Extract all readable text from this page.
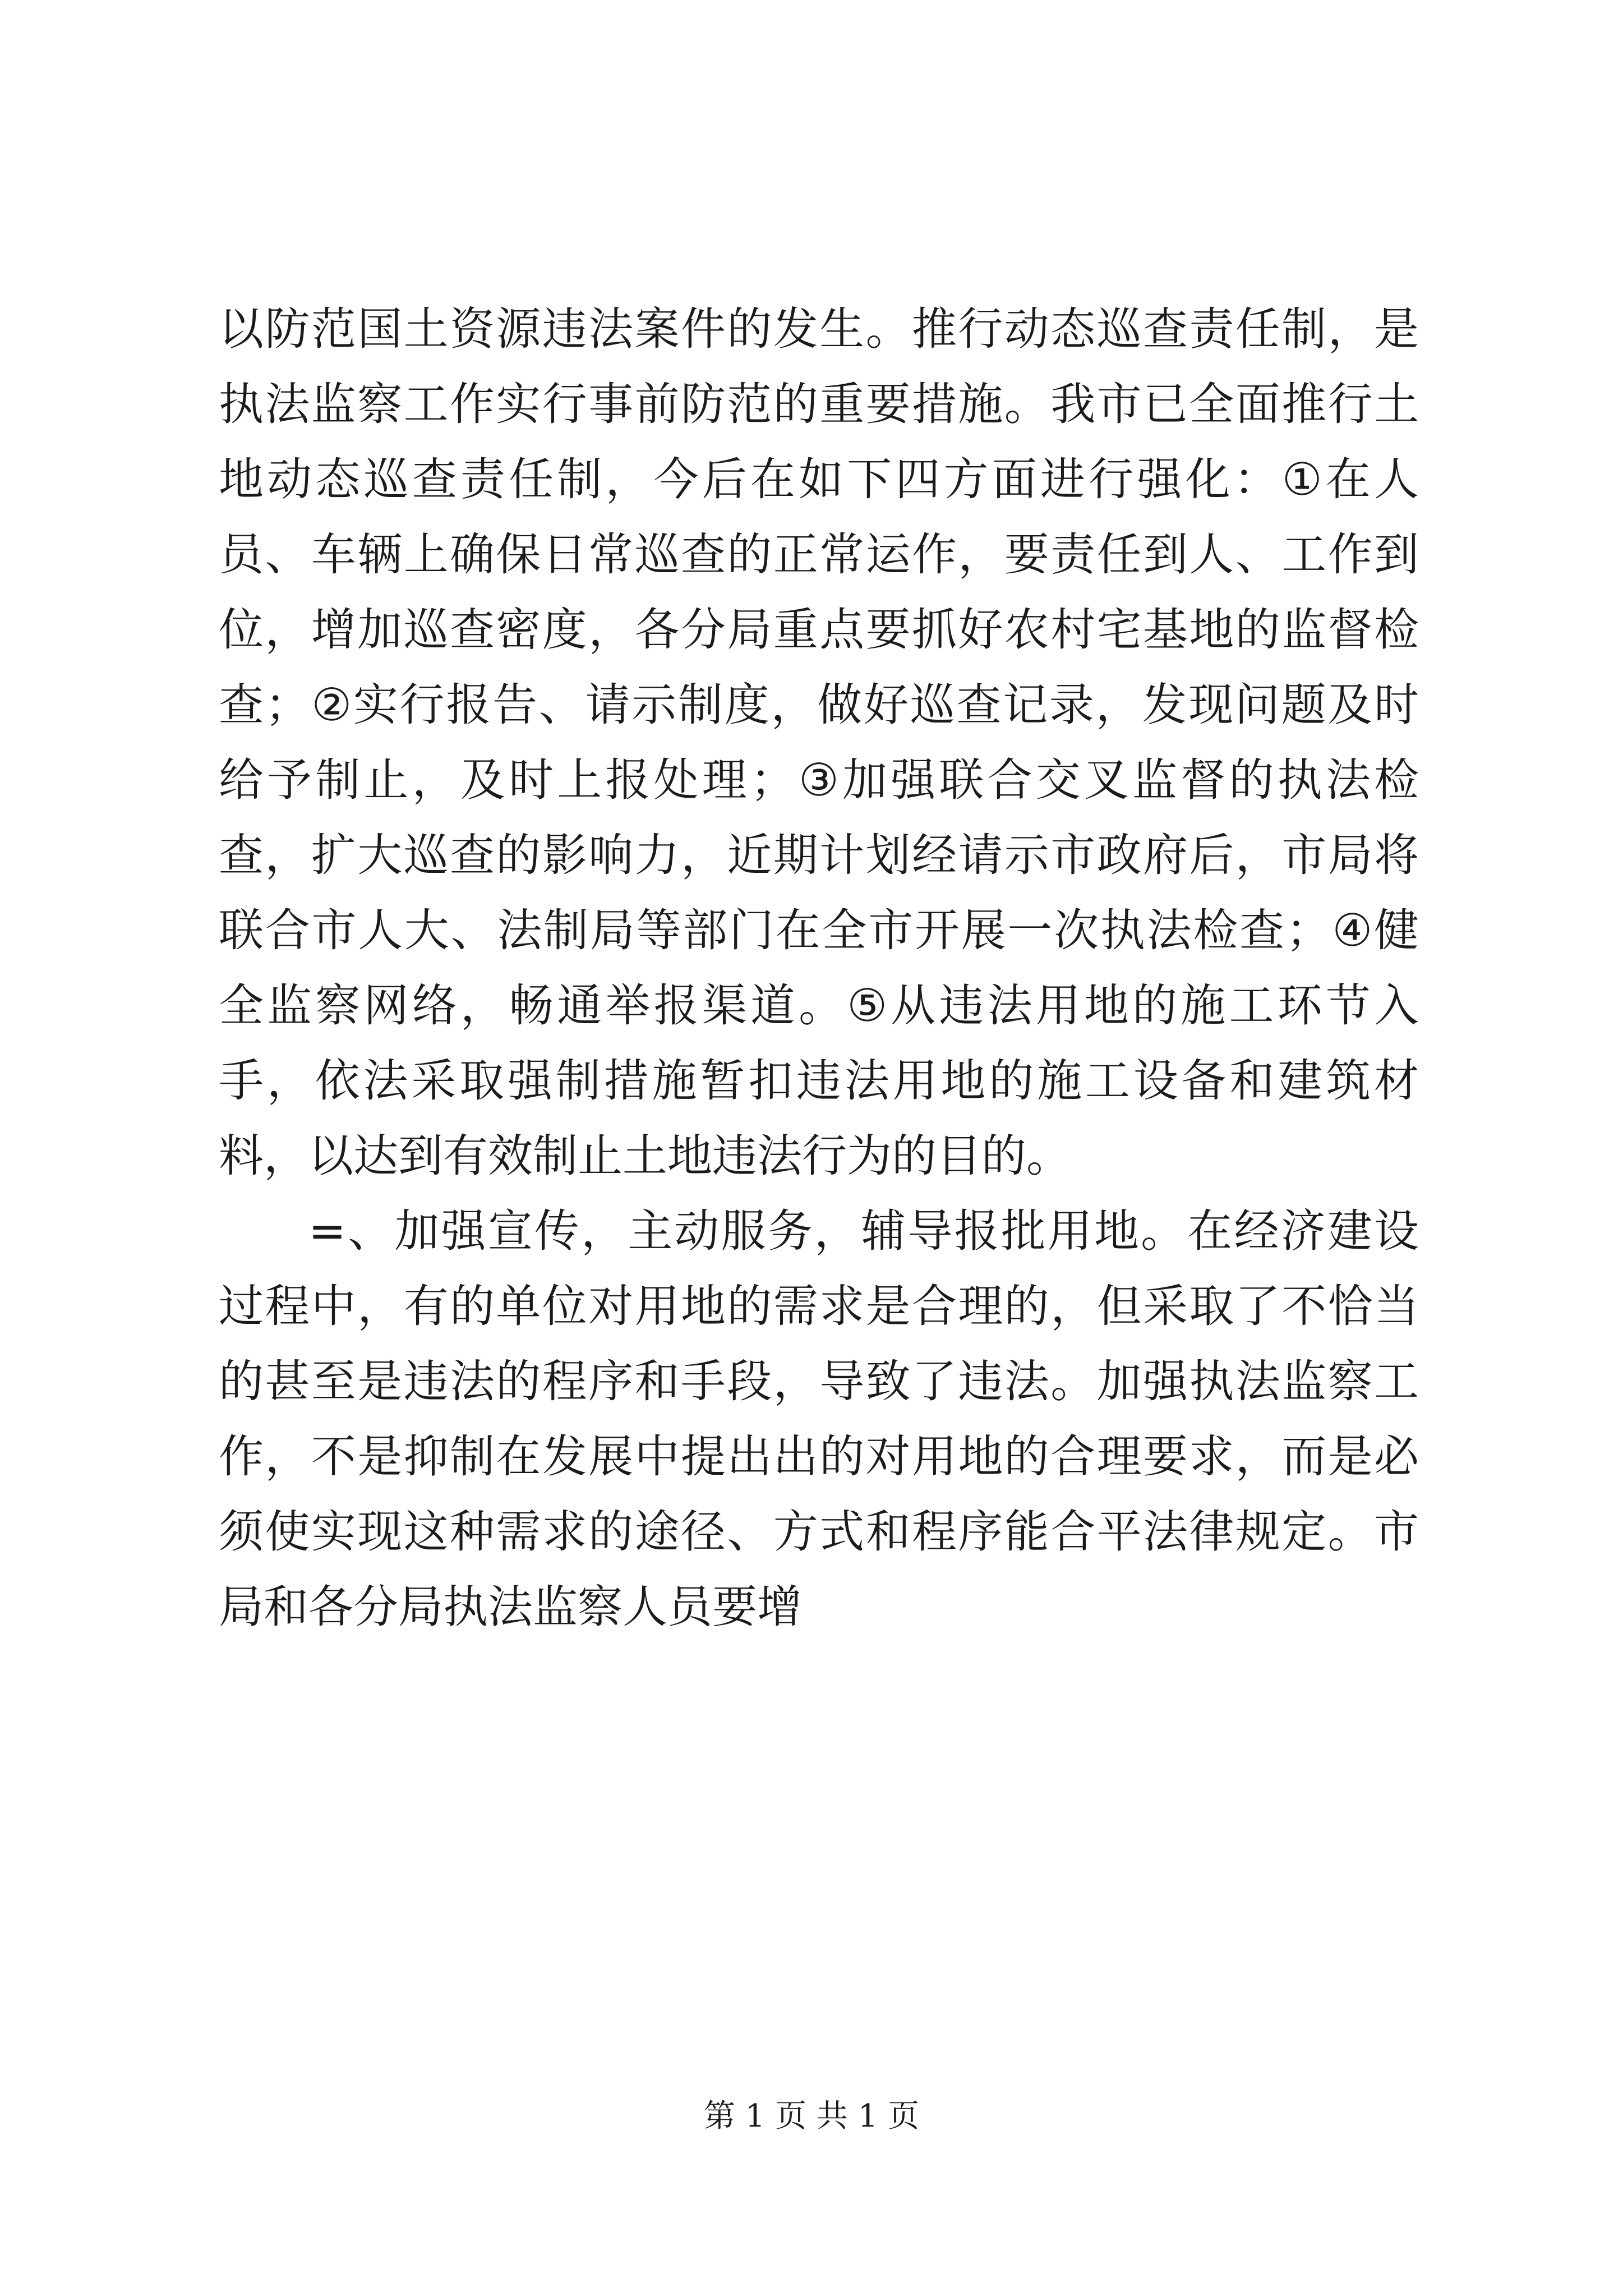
以防范国土资源违法案件的发生。推行动态巡查责任制，是执法监察工作实行事前防范的重要措施。我市已全面推行土地动态巡查责任制，今后在如下四方面进行强化：①在人员、车辆上确保日常巡查的正常运作，要责任到人、工作到位，增加巡查密度，各分局重点要抓好农村宅基地的监督检查；②实行报告、请示制度，做好巡查记录，发现问题及时给予制止，及时上报处理；③加强联合交叉监督的执法检查，扩大巡查的影响力，近期计划经请示市政府后，市局将联合市人大、法制局等部门在全市开展一次执法检查；④健全监察网络，畅通举报渠道。⑤从违法用地的施工环节入手，依法采取强制措施暂扣违法用地的施工设备和建筑材料，以达到有效制止土地违法行为的目的。

=、加强宣传，主动服务，辅导报批用地。在经济建设过程中，有的单位对用地的需求是合理的，但采取了不恰当的甚至是违法的程序和手段，导致了违法。加强执法监察工作，不是抑制在发展中提出出的对用地的合理要求，而是必须使实现这种需求的途径、方式和程序能合平法律规定。市局和各分局执法监察人员要增

第 1 页 共 1 页
